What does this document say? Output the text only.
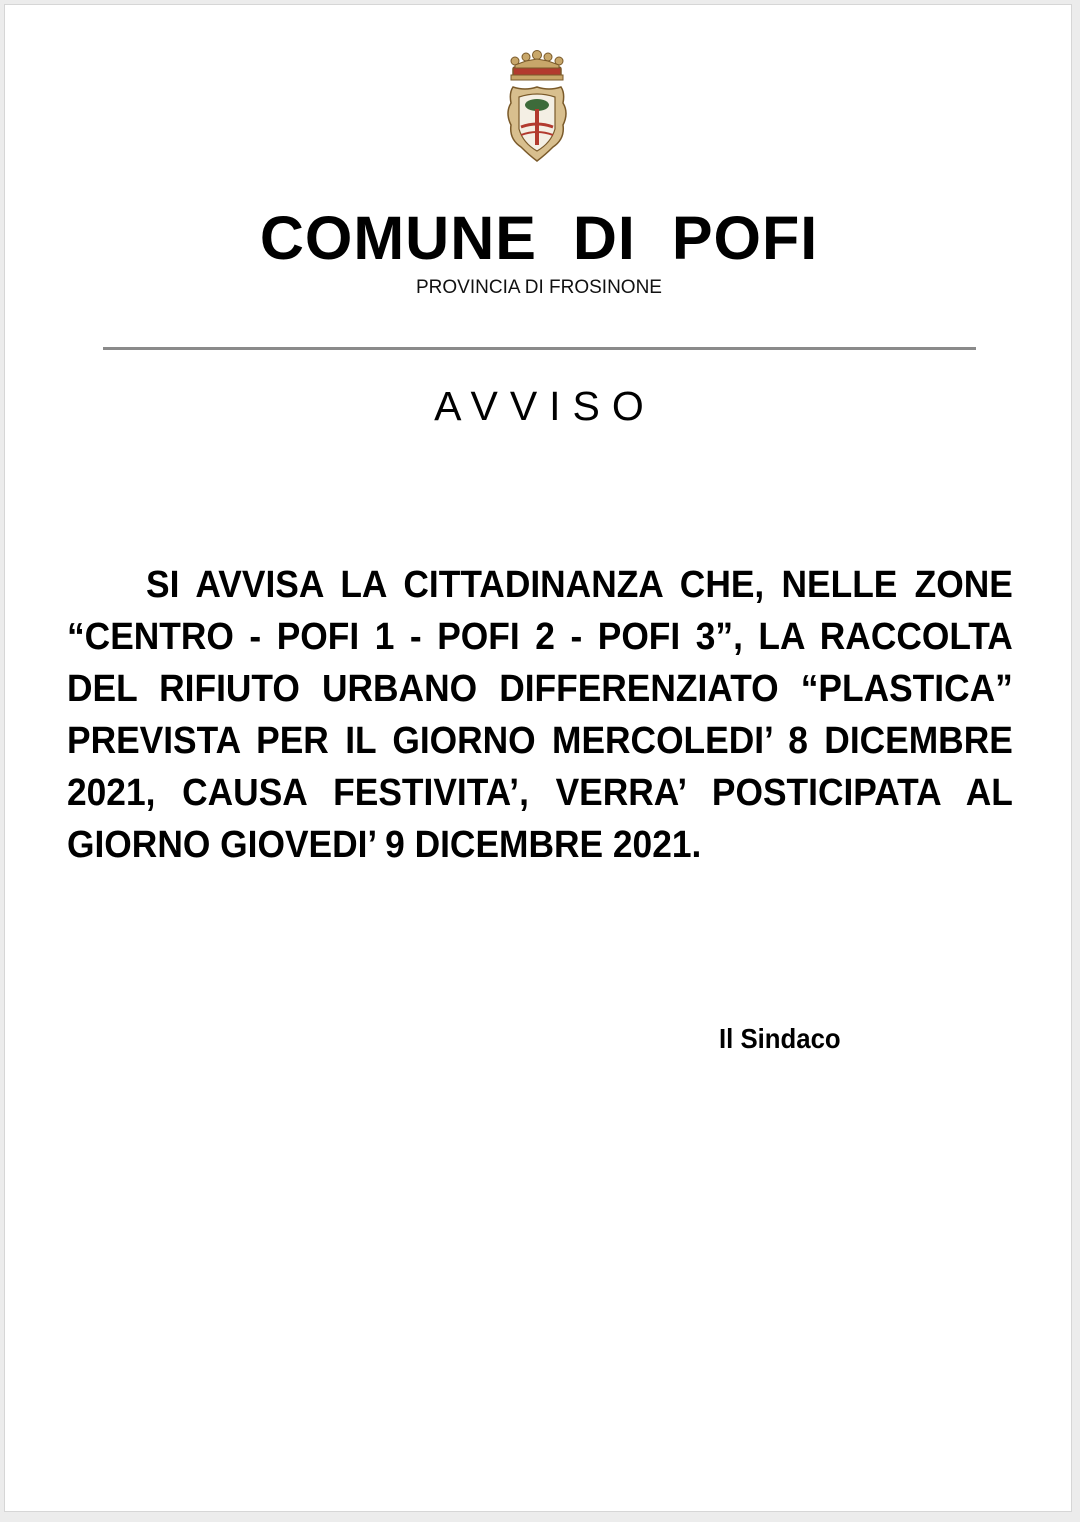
COMUNE DI POFI
PROVINCIA DI FROSINONE
AVVISO
SI AVVISA LA CITTADINANZA CHE, NELLE ZONE “CENTRO - POFI 1 - POFI 2 - POFI 3”, LA RACCOLTA DEL RIFIUTO URBANO DIFFERENZIATO “PLASTICA” PREVISTA PER IL GIORNO MERCOLEDI’ 8 DICEMBRE 2021, CAUSA FESTIVITA’, VERRA’ POSTICIPATA AL GIORNO GIOVEDI’ 9 DICEMBRE 2021.
Il Sindaco
